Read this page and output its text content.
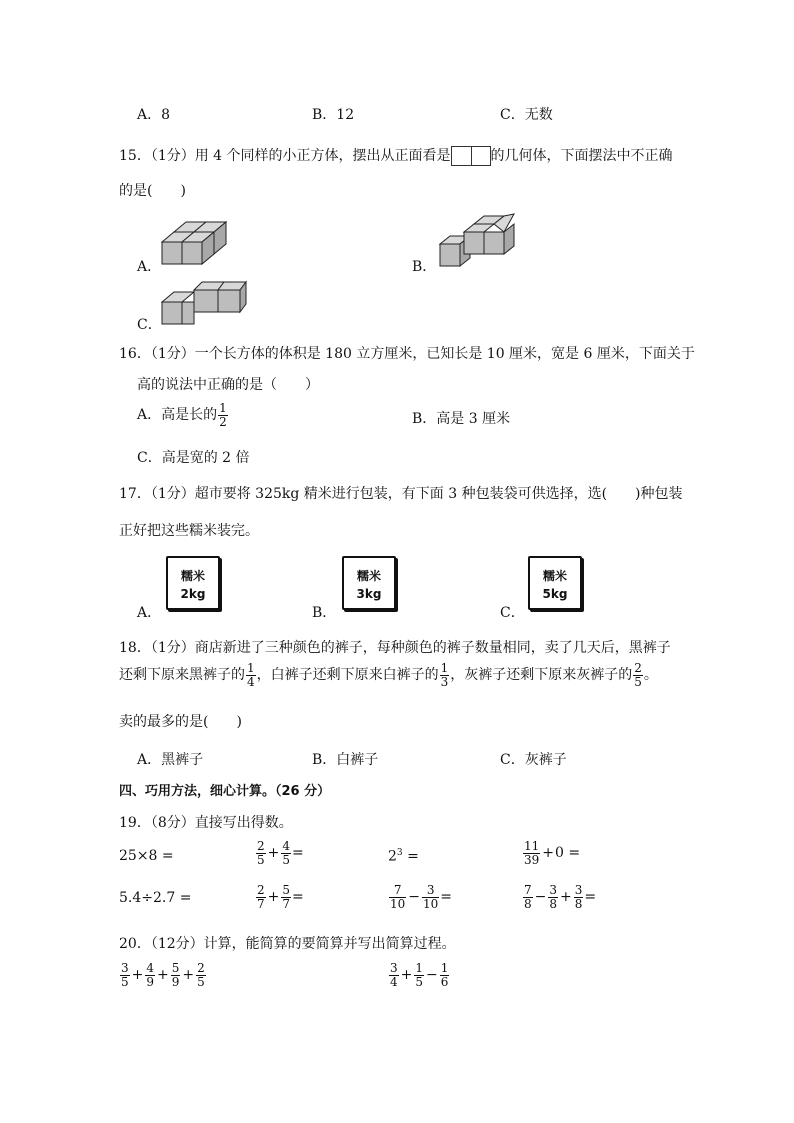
A．8	B．12	C．无数
15．（1分）用 4 个同样的小正方体，摆出从正面看是	的几何体，下面摆法中不正确
的是(　　)
A．	B．
C．
16．（1分）一个长方体的体积是 180 立方厘米，已知长是 10 厘米，宽是 6 厘米，下面关于
高的说法中正确的是（　　）
A．高是长的 $\frac{1}{2}$	B．高是 3 厘米
C．高是宽的 2 倍
17．（1分）超市要将 325kg 精米进行包装，有下面 3 种包装袋可供选择，选(　　)种包装
正好把这些糯米装完。
A．
糯米
2kg
B．
糯米
3kg
C．
糯米
5kg
18．（1分）商店新进了三种颜色的裤子，每种颜色的裤子数量相同，卖了几天后，黑裤子
还剩下原来黑裤子的 $\frac{1}{4}$ ，白裤子还剩下原来白裤子的 $\frac{1}{3}$ ，灰裤子还剩下原来灰裤子的 $\frac{2}{5}$ 。
卖的最多的是(　　)
A．黑裤子	B．白裤子	C．灰裤子
四、巧用方法，细心计算。（26 分）
19．（8分）直接写出得数。
25×8 =	$\frac{2}{5} + \frac{4}{5}$ =	$2^3$ =	$\frac{11}{39} +0$ =
5.4÷2.7 =	$\frac{2}{7} + \frac{5}{7}$ =	$\frac{7}{10} - \frac{3}{10}$ =	$\frac{7}{8} - \frac{3}{8} + \frac{3}{8}$ =
20．（12分）计算，能简算的要简算并写出简算过程。
$\frac{3}{5} + \frac{4}{9} + \frac{5}{9} + \frac{2}{5}$	$\frac{3}{4} + \frac{1}{5} - \frac{1}{6}$
